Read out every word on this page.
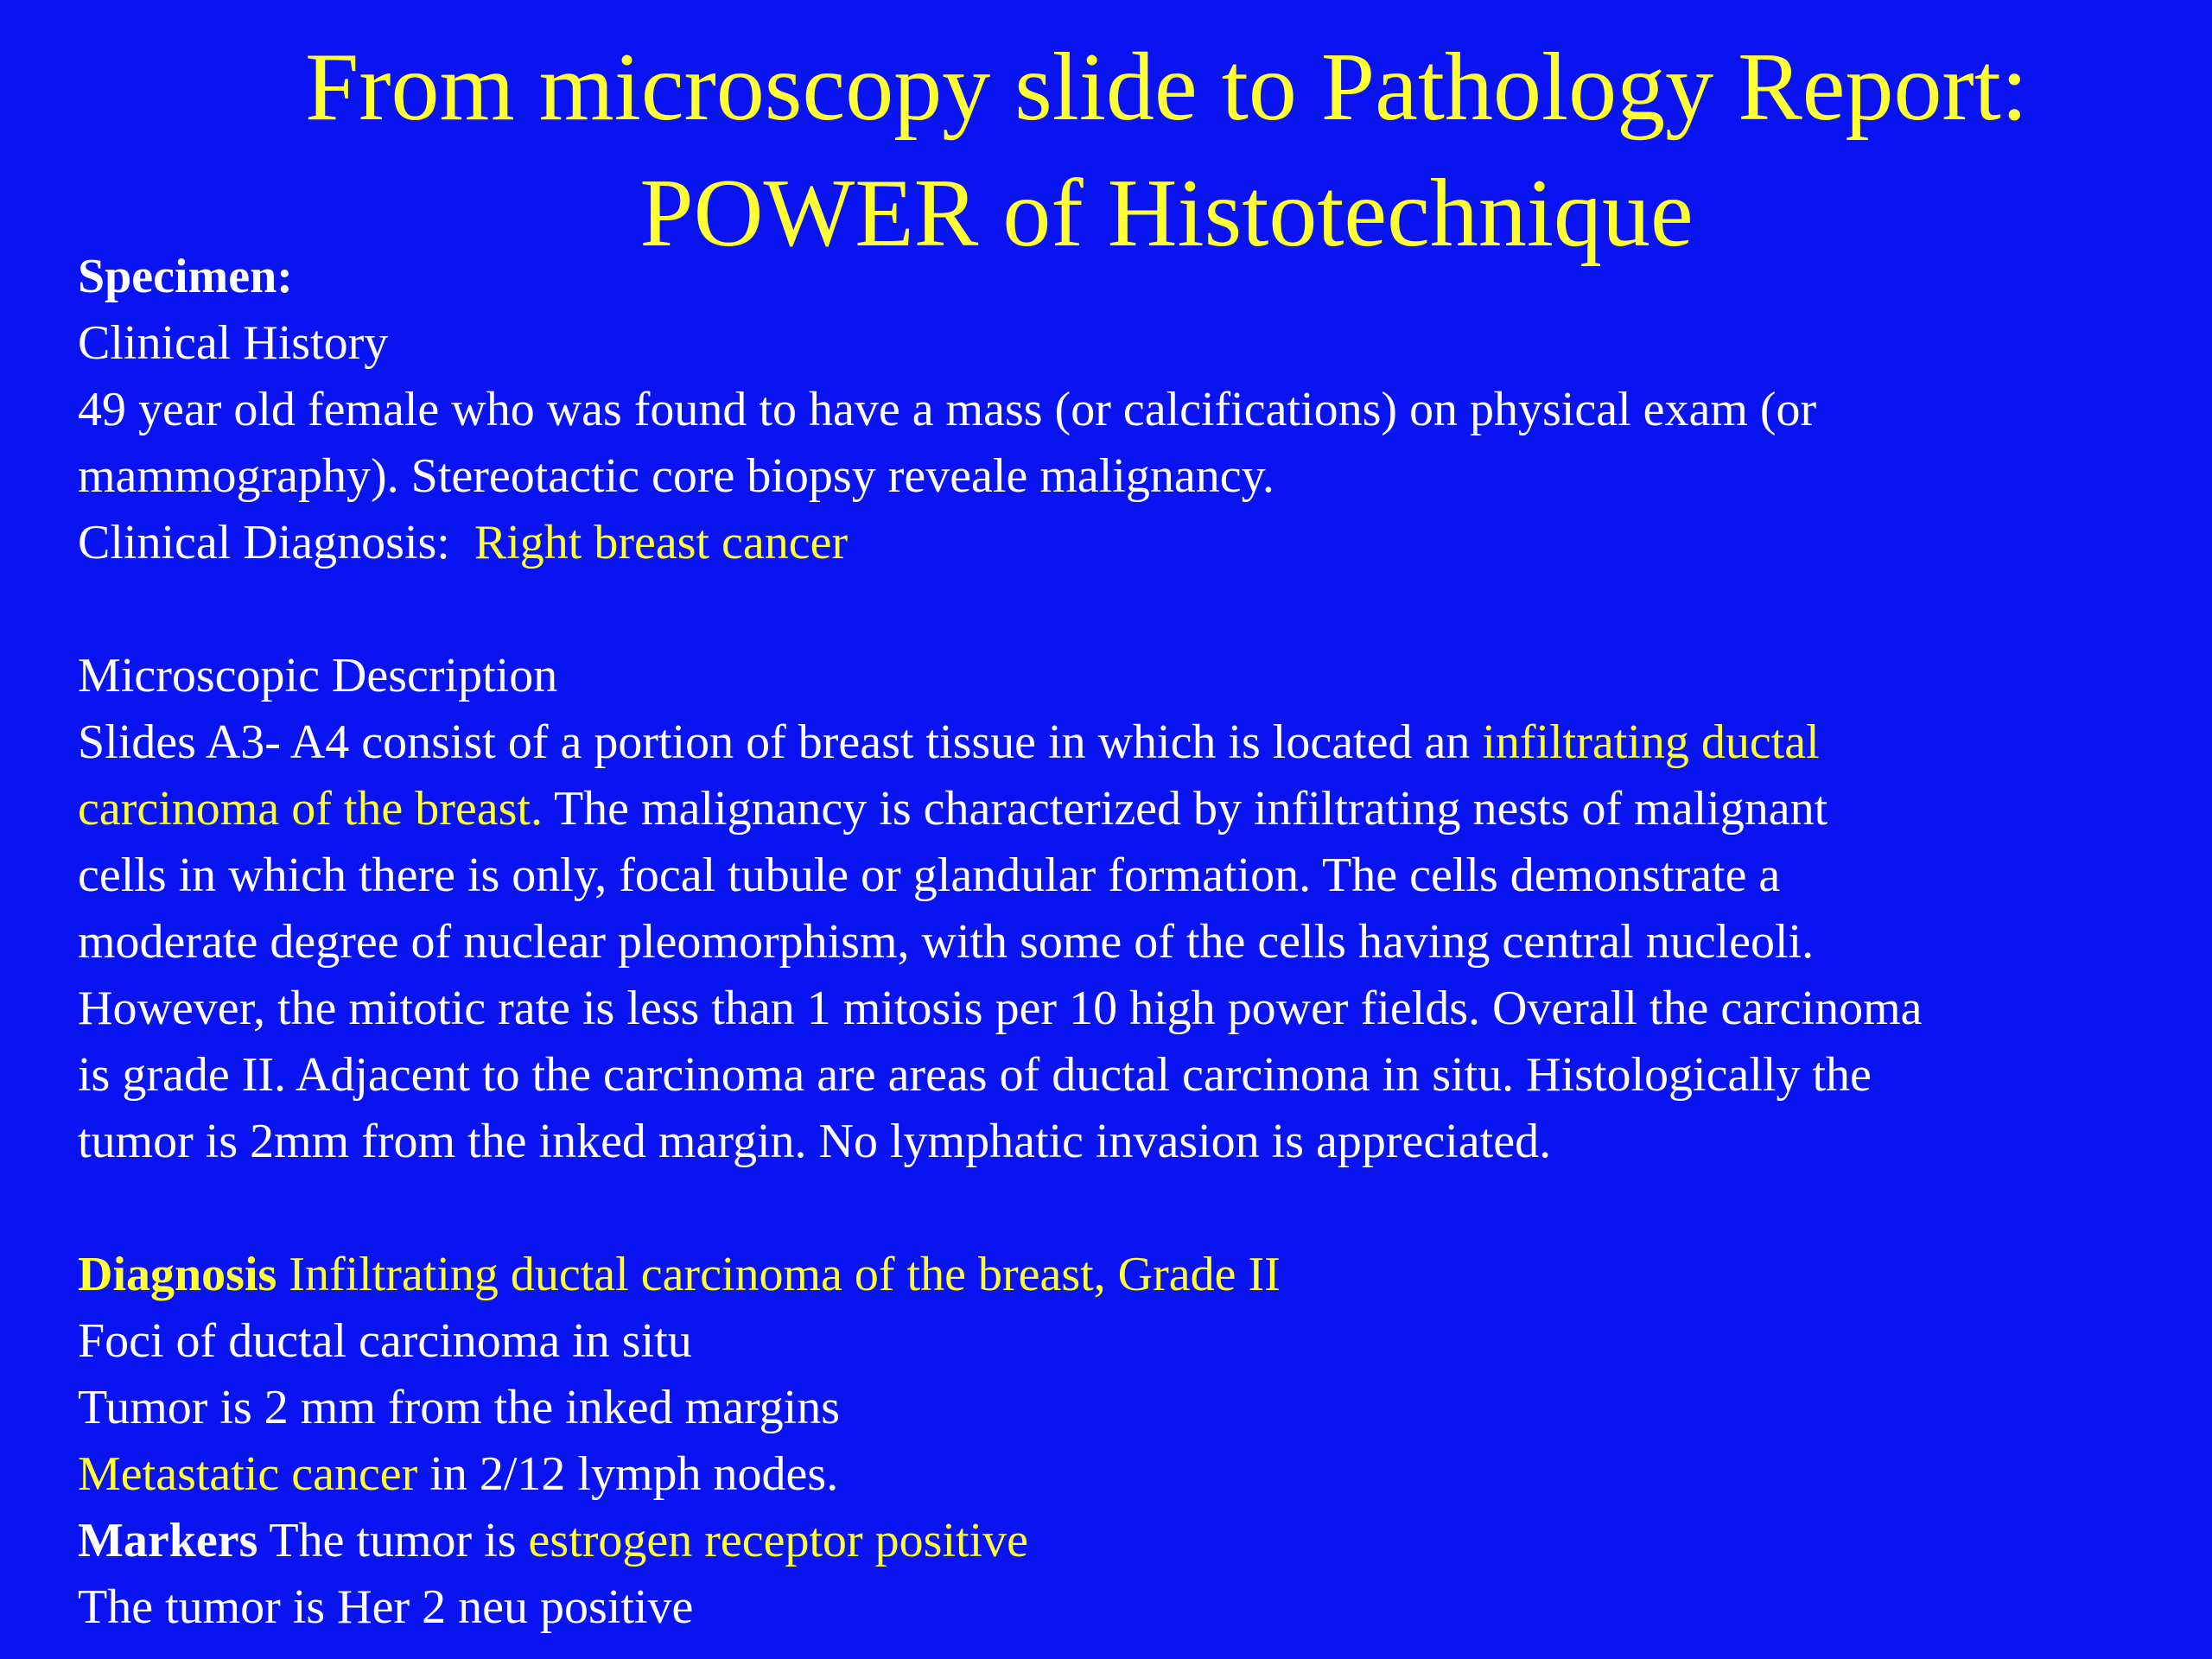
From microscopy slide to Pathology Report:
POWER of Histotechnique
Specimen:
Clinical History
49 year old female who was found to have a mass (or calcifications) on physical exam (or
mammography). Stereotactic core biopsy reveale malignancy.
Clinical Diagnosis: Right breast cancer
Microscopic Description
Slides A3- A4 consist of a portion of breast tissue in which is located an infiltrating ductal
carcinoma of the breast. The malignancy is characterized by infiltrating nests of malignant
cells in which there is only, focal tubule or glandular formation. The cells demonstrate a
moderate degree of nuclear pleomorphism, with some of the cells having central nucleoli.
However, the mitotic rate is less than 1 mitosis per 10 high power fields. Overall the carcinoma
is grade II. Adjacent to the carcinoma are areas of ductal carcinona in situ. Histologically the
tumor is 2mm from the inked margin. No lymphatic invasion is appreciated.
Diagnosis Infiltrating ductal carcinoma of the breast, Grade II
Foci of ductal carcinoma in situ
Tumor is 2 mm from the inked margins
Metastatic cancer in 2/12 lymph nodes.
Markers The tumor is estrogen receptor positive
The tumor is Her 2 neu positive
